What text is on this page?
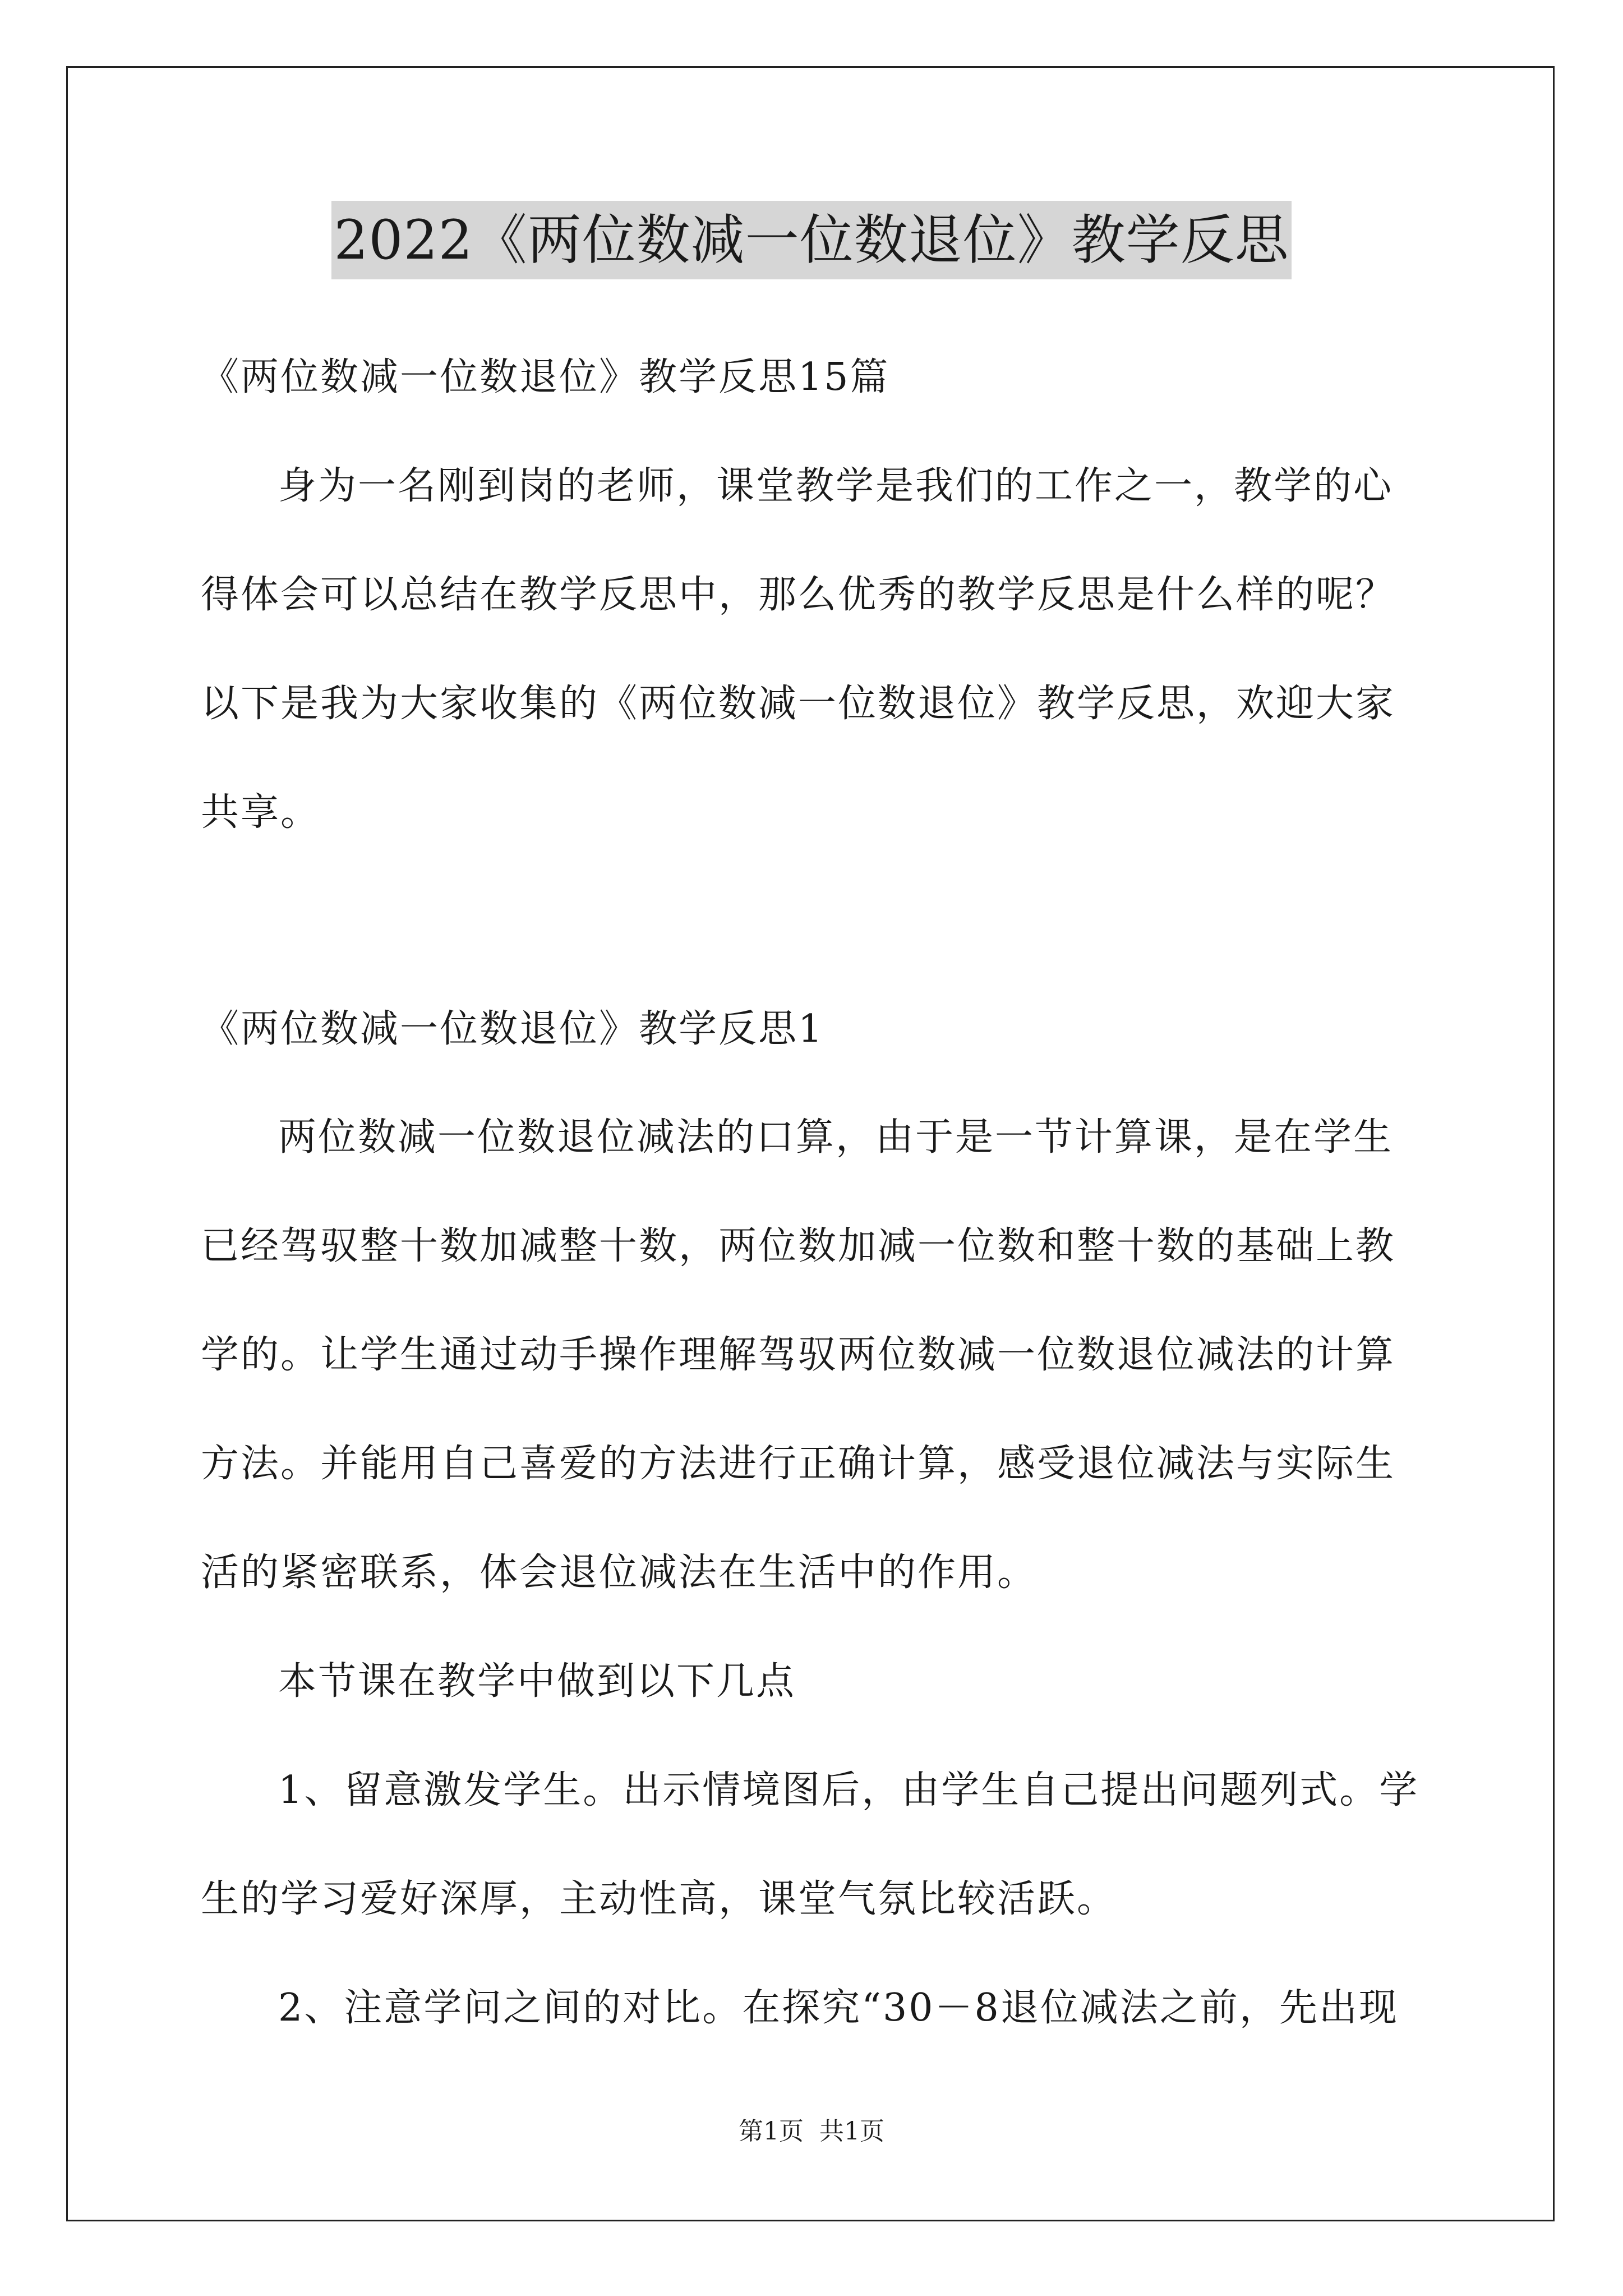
2022《两位数减一位数退位》教学反思
《两位数减一位数退位》教学反思15篇
身为一名刚到岗的老师，课堂教学是我们的工作之一，教学的心
得体会可以总结在教学反思中，那么优秀的教学反思是什么样的呢？
以下是我为大家收集的《两位数减一位数退位》教学反思，欢迎大家
共享。
《两位数减一位数退位》教学反思1
两位数减一位数退位减法的口算，由于是一节计算课，是在学生
已经驾驭整十数加减整十数，两位数加减一位数和整十数的基础上教
学的。让学生通过动手操作理解驾驭两位数减一位数退位减法的计算
方法。并能用自己喜爱的方法进行正确计算，感受退位减法与实际生
活的紧密联系，体会退位减法在生活中的作用。
本节课在教学中做到以下几点
1、留意激发学生。出示情境图后，由学生自己提出问题列式。学
生的学习爱好深厚，主动性高，课堂气氛比较活跃。
2、注意学问之间的对比。在探究“30－8退位减法之前，先出现
第1页 共1页
